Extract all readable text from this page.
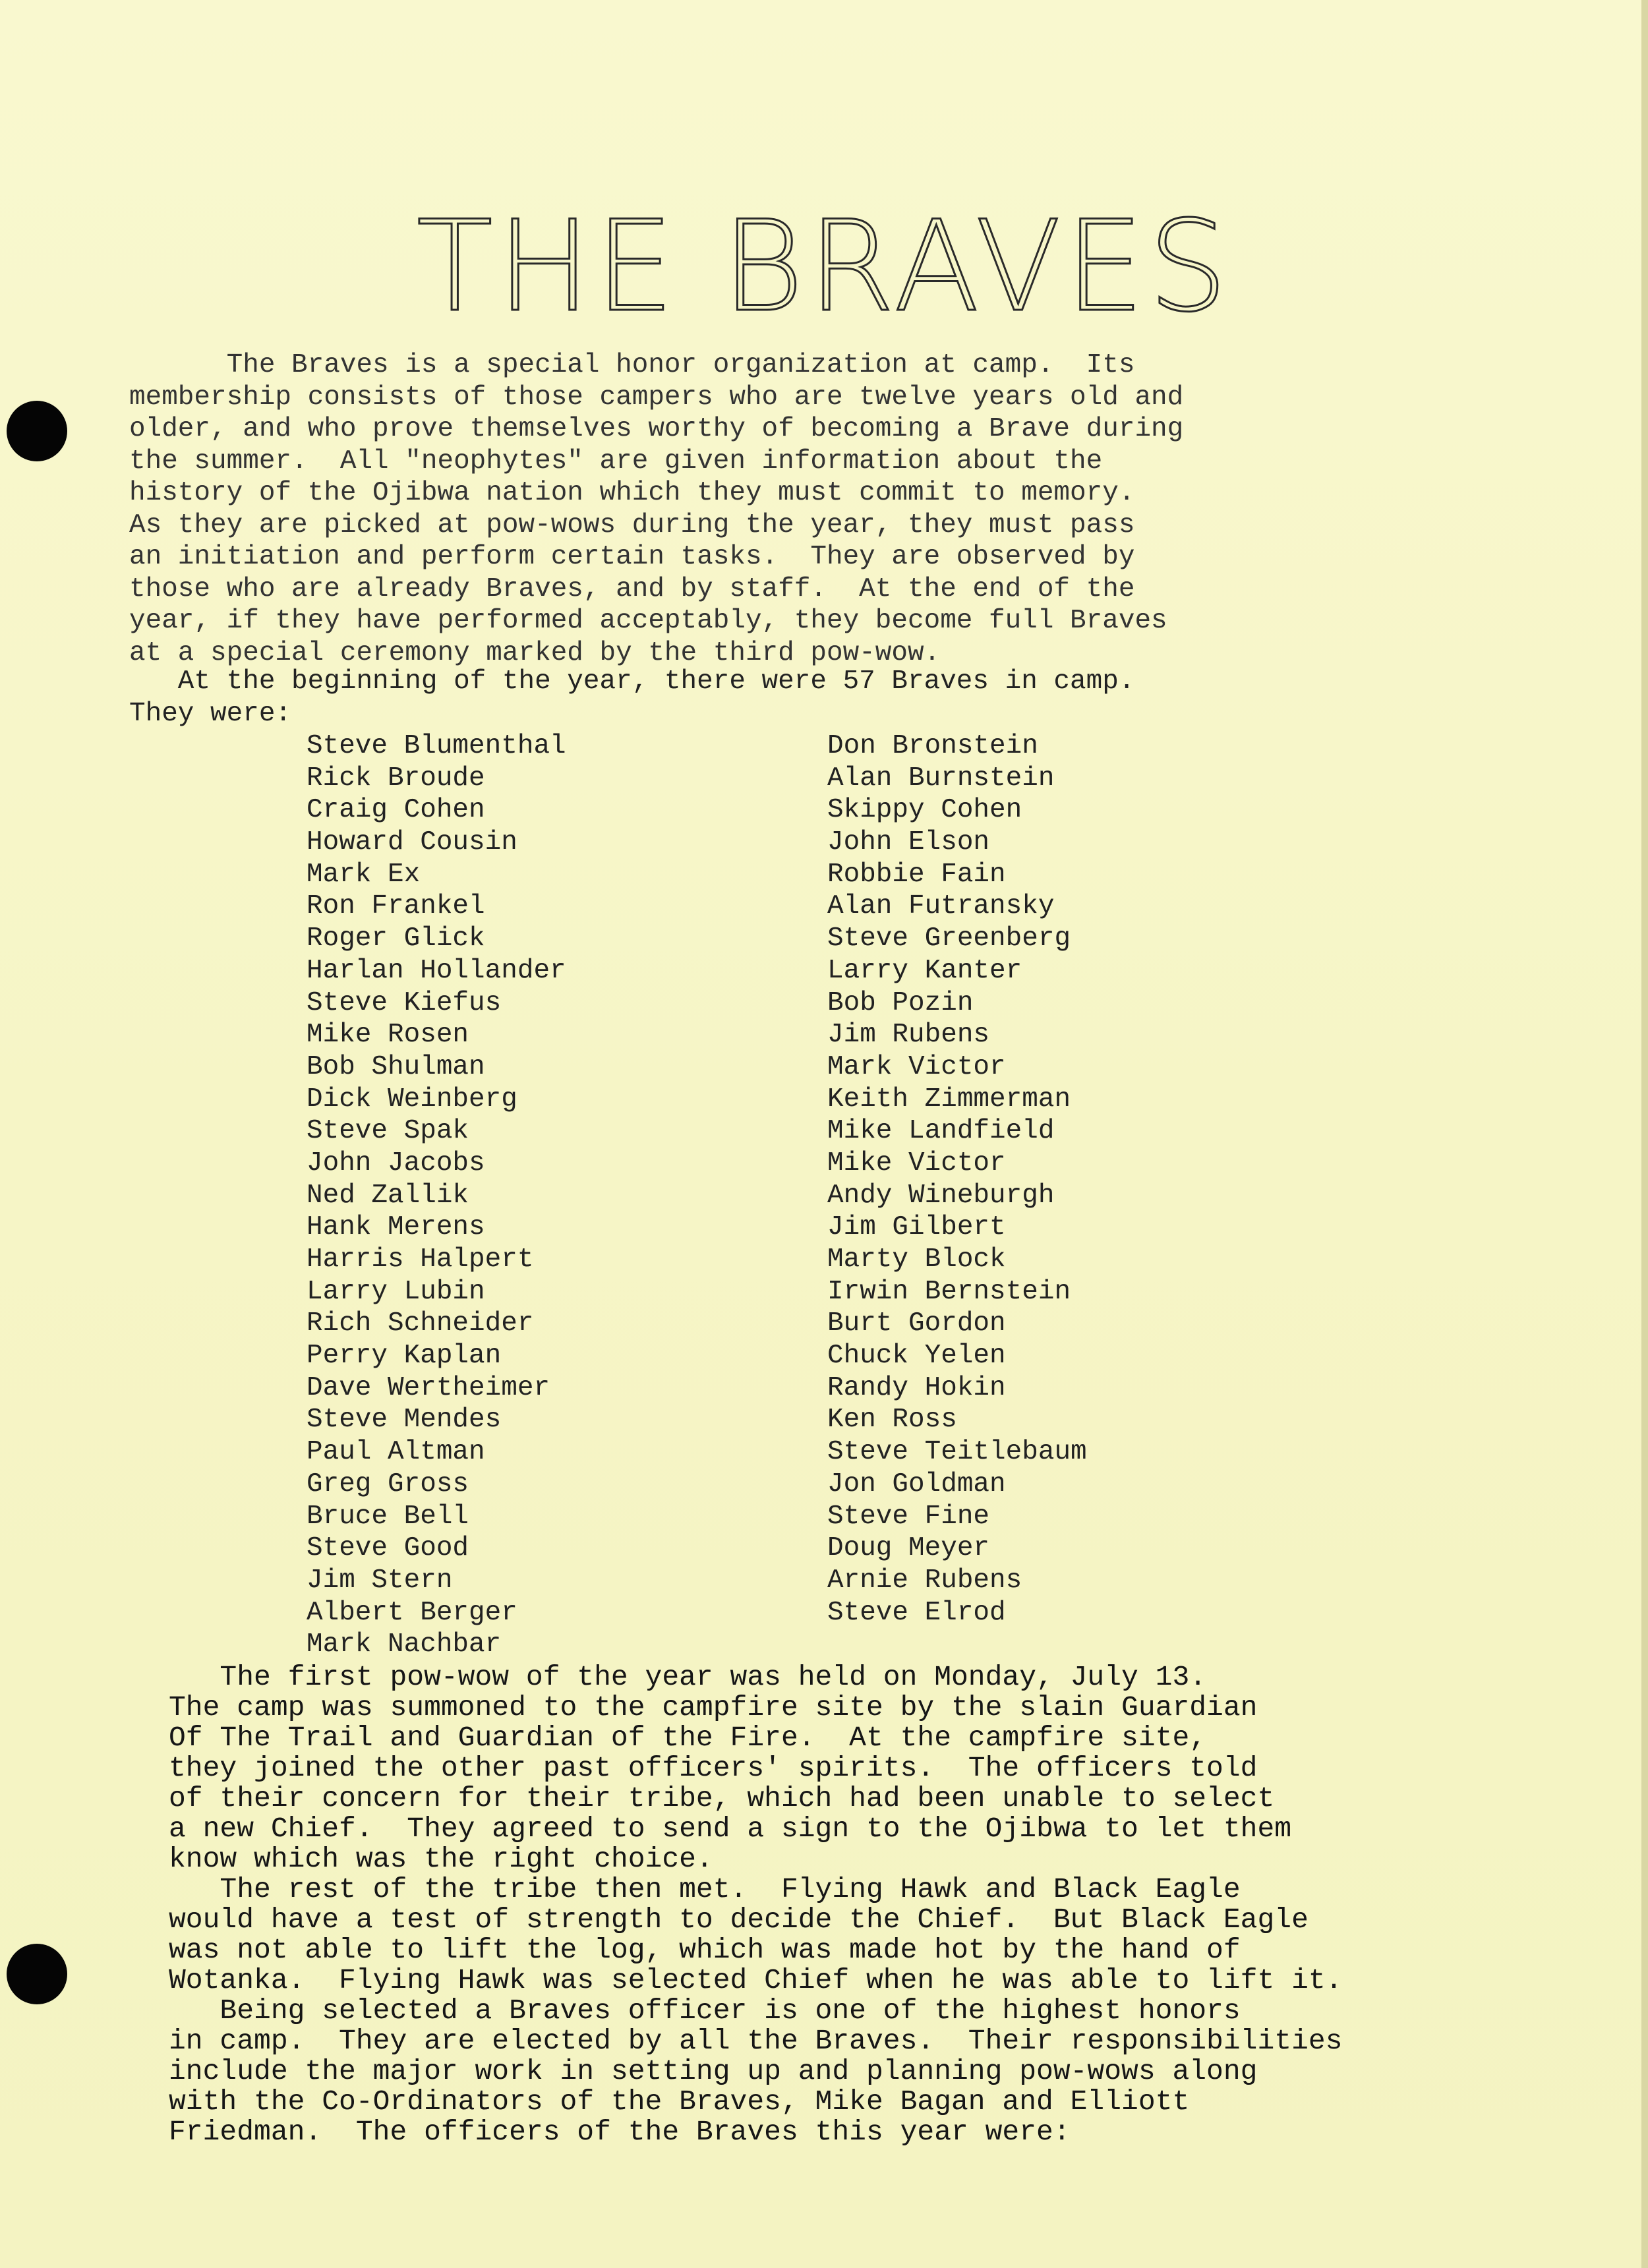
THE BRAVES
The Braves is a special honor organization at camp.  Its
membership consists of those campers who are twelve years old and
older, and who prove themselves worthy of becoming a Brave during
the summer.  All "neophytes" are given information about the
history of the Ojibwa nation which they must commit to memory.
As they are picked at pow-wows during the year, they must pass
an initiation and perform certain tasks.  They are observed by
those who are already Braves, and by staff.  At the end of the
year, if they have performed acceptably, they become full Braves
at a special ceremony marked by the third pow-wow.
At the beginning of the year, there were 57 Braves in camp.
They were:
Steve Blumenthal
Rick Broude
Craig Cohen
Howard Cousin
Mark Ex
Ron Frankel
Roger Glick
Harlan Hollander
Steve Kiefus
Mike Rosen
Bob Shulman
Dick Weinberg
Steve Spak
John Jacobs
Ned Zallik
Hank Merens
Harris Halpert
Larry Lubin
Rich Schneider
Perry Kaplan
Dave Wertheimer
Steve Mendes
Paul Altman
Greg Gross
Bruce Bell
Steve Good
Jim Stern
Albert Berger
Mark Nachbar
Don Bronstein
Alan Burnstein
Skippy Cohen
John Elson
Robbie Fain
Alan Futransky
Steve Greenberg
Larry Kanter
Bob Pozin
Jim Rubens
Mark Victor
Keith Zimmerman
Mike Landfield
Mike Victor
Andy Wineburgh
Jim Gilbert
Marty Block
Irwin Bernstein
Burt Gordon
Chuck Yelen
Randy Hokin
Ken Ross
Steve Teitlebaum
Jon Goldman
Steve Fine
Doug Meyer
Arnie Rubens
Steve Elrod
The first pow-wow of the year was held on Monday, July 13.
The camp was summoned to the campfire site by the slain Guardian
Of The Trail and Guardian of the Fire.  At the campfire site,
they joined the other past officers' spirits.  The officers told
of their concern for their tribe, which had been unable to select
a new Chief.  They agreed to send a sign to the Ojibwa to let them
know which was the right choice.
The rest of the tribe then met.  Flying Hawk and Black Eagle
would have a test of strength to decide the Chief.  But Black Eagle
was not able to lift the log, which was made hot by the hand of
Wotanka.  Flying Hawk was selected Chief when he was able to lift it.
Being selected a Braves officer is one of the highest honors
in camp.  They are elected by all the Braves.  Their responsibilities
include the major work in setting up and planning pow-wows along
with the Co-Ordinators of the Braves, Mike Bagan and Elliott
Friedman.  The officers of the Braves this year were:
